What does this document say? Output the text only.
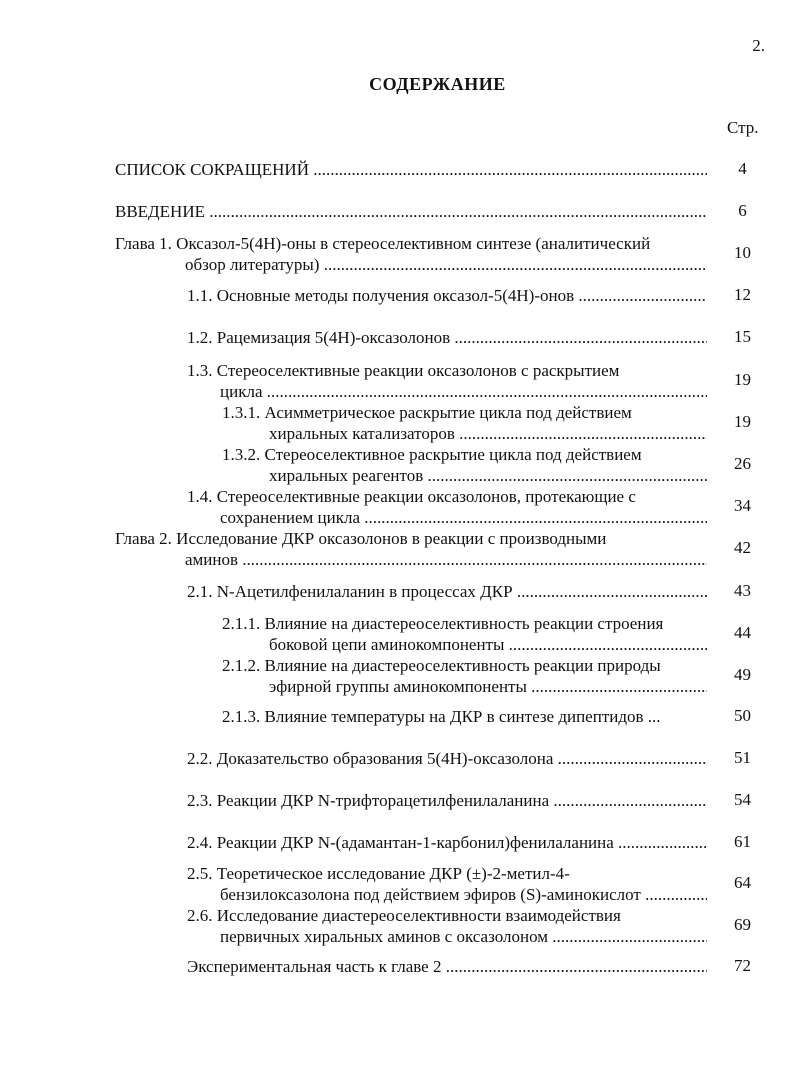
2.
СОДЕРЖАНИЕ
Стр.
СПИСОК СОКРАЩЕНИЙ .....	4
ВВЕДЕНИЕ .....	6
Глава 1. Оксазол-5(4Н)-оны в стереоселективном синтезе (аналитический
обзор литературы) .....
10
1.1. Основные методы получения оксазол-5(4Н)-онов .....	12
1.2. Рацемизация 5(4Н)-оксазолонов .....	15
1.3. Стереоселективные реакции оксазолонов с раскрытием
цикла .....
19
1.3.1. Асимметрическое раскрытие цикла под действием
хиральных катализаторов .....
19
1.3.2. Стереоселективное раскрытие цикла под действием
хиральных реагентов .....
26
1.4. Стереоселективные реакции оксазолонов, протекающие с
сохранением цикла .....
34
Глава 2. Исследование ДКР оксазолонов в реакции с производными
аминов .....
42
2.1. N-Ацетилфенилаланин в процессах ДКР .....	43
2.1.1. Влияние на диастереоселективность реакции строения
боковой цепи аминокомпоненты .....
44
2.1.2. Влияние на диастереоселективность реакции природы
эфирной группы аминокомпоненты .....
49
2.1.3. Влияние температуры на ДКР в синтезе дипептидов ...	50
2.2. Доказательство образования 5(4Н)-оксазолона .....	51
2.3. Реакции ДКР N-трифторацетилфенилаланина .....	54
2.4. Реакции ДКР N-(адамантан-1-карбонил)фенилаланина .....	61
2.5. Теоретическое исследование ДКР (±)-2-метил-4-
бензилоксазолона под действием эфиров (S)-аминокислот .....
64
2.6. Исследование диастереоселективности взаимодействия
первичных хиральных аминов с оксазолоном .....
69
Экспериментальная часть к главе 2 .....	72
